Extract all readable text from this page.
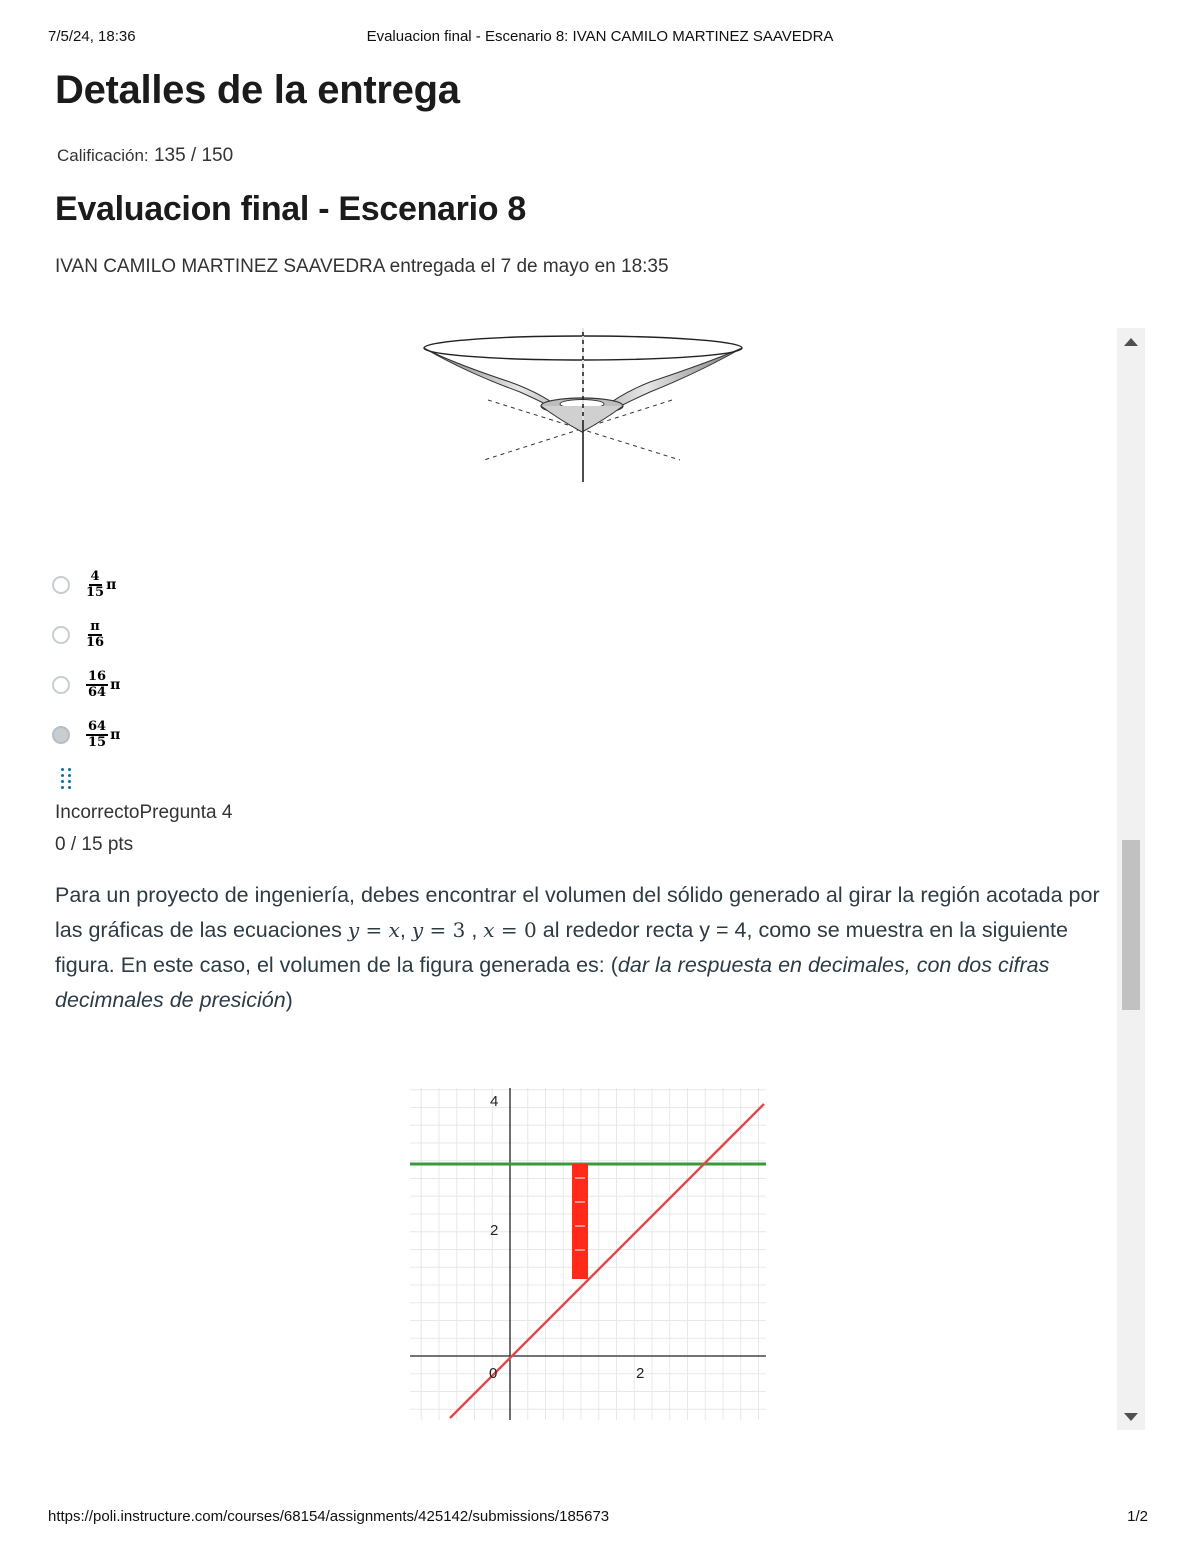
7/5/24, 18:36	Evaluacion final - Escenario 8: IVAN CAMILO MARTINEZ SAAVEDRA
Detalles de la entrega
Calificación: 135 / 150
Evaluacion final - Escenario 8
IVAN CAMILO MARTINEZ SAAVEDRA entregada el 7 de mayo en 18:35
$\frac{4}{15}$ π
$\frac{\pi}{16}$
$\frac{16}{64}$ π
$\frac{64}{15}$ π
IncorrectoPregunta 4
0 / 15 pts
Para un proyecto de ingeniería, debes encontrar el volumen del sólido generado al girar la región acotada por las gráficas de las ecuaciones y = x, y = 3 , x = 0 al rededor recta y = 4, como se muestra en la siguiente figura. En este caso, el volumen de la figura generada es: (dar la respuesta en decimales, con dos cifras decimnales de presición)
4
2
0	2
https://poli.instructure.com/courses/68154/assignments/425142/submissions/185673	1/2
